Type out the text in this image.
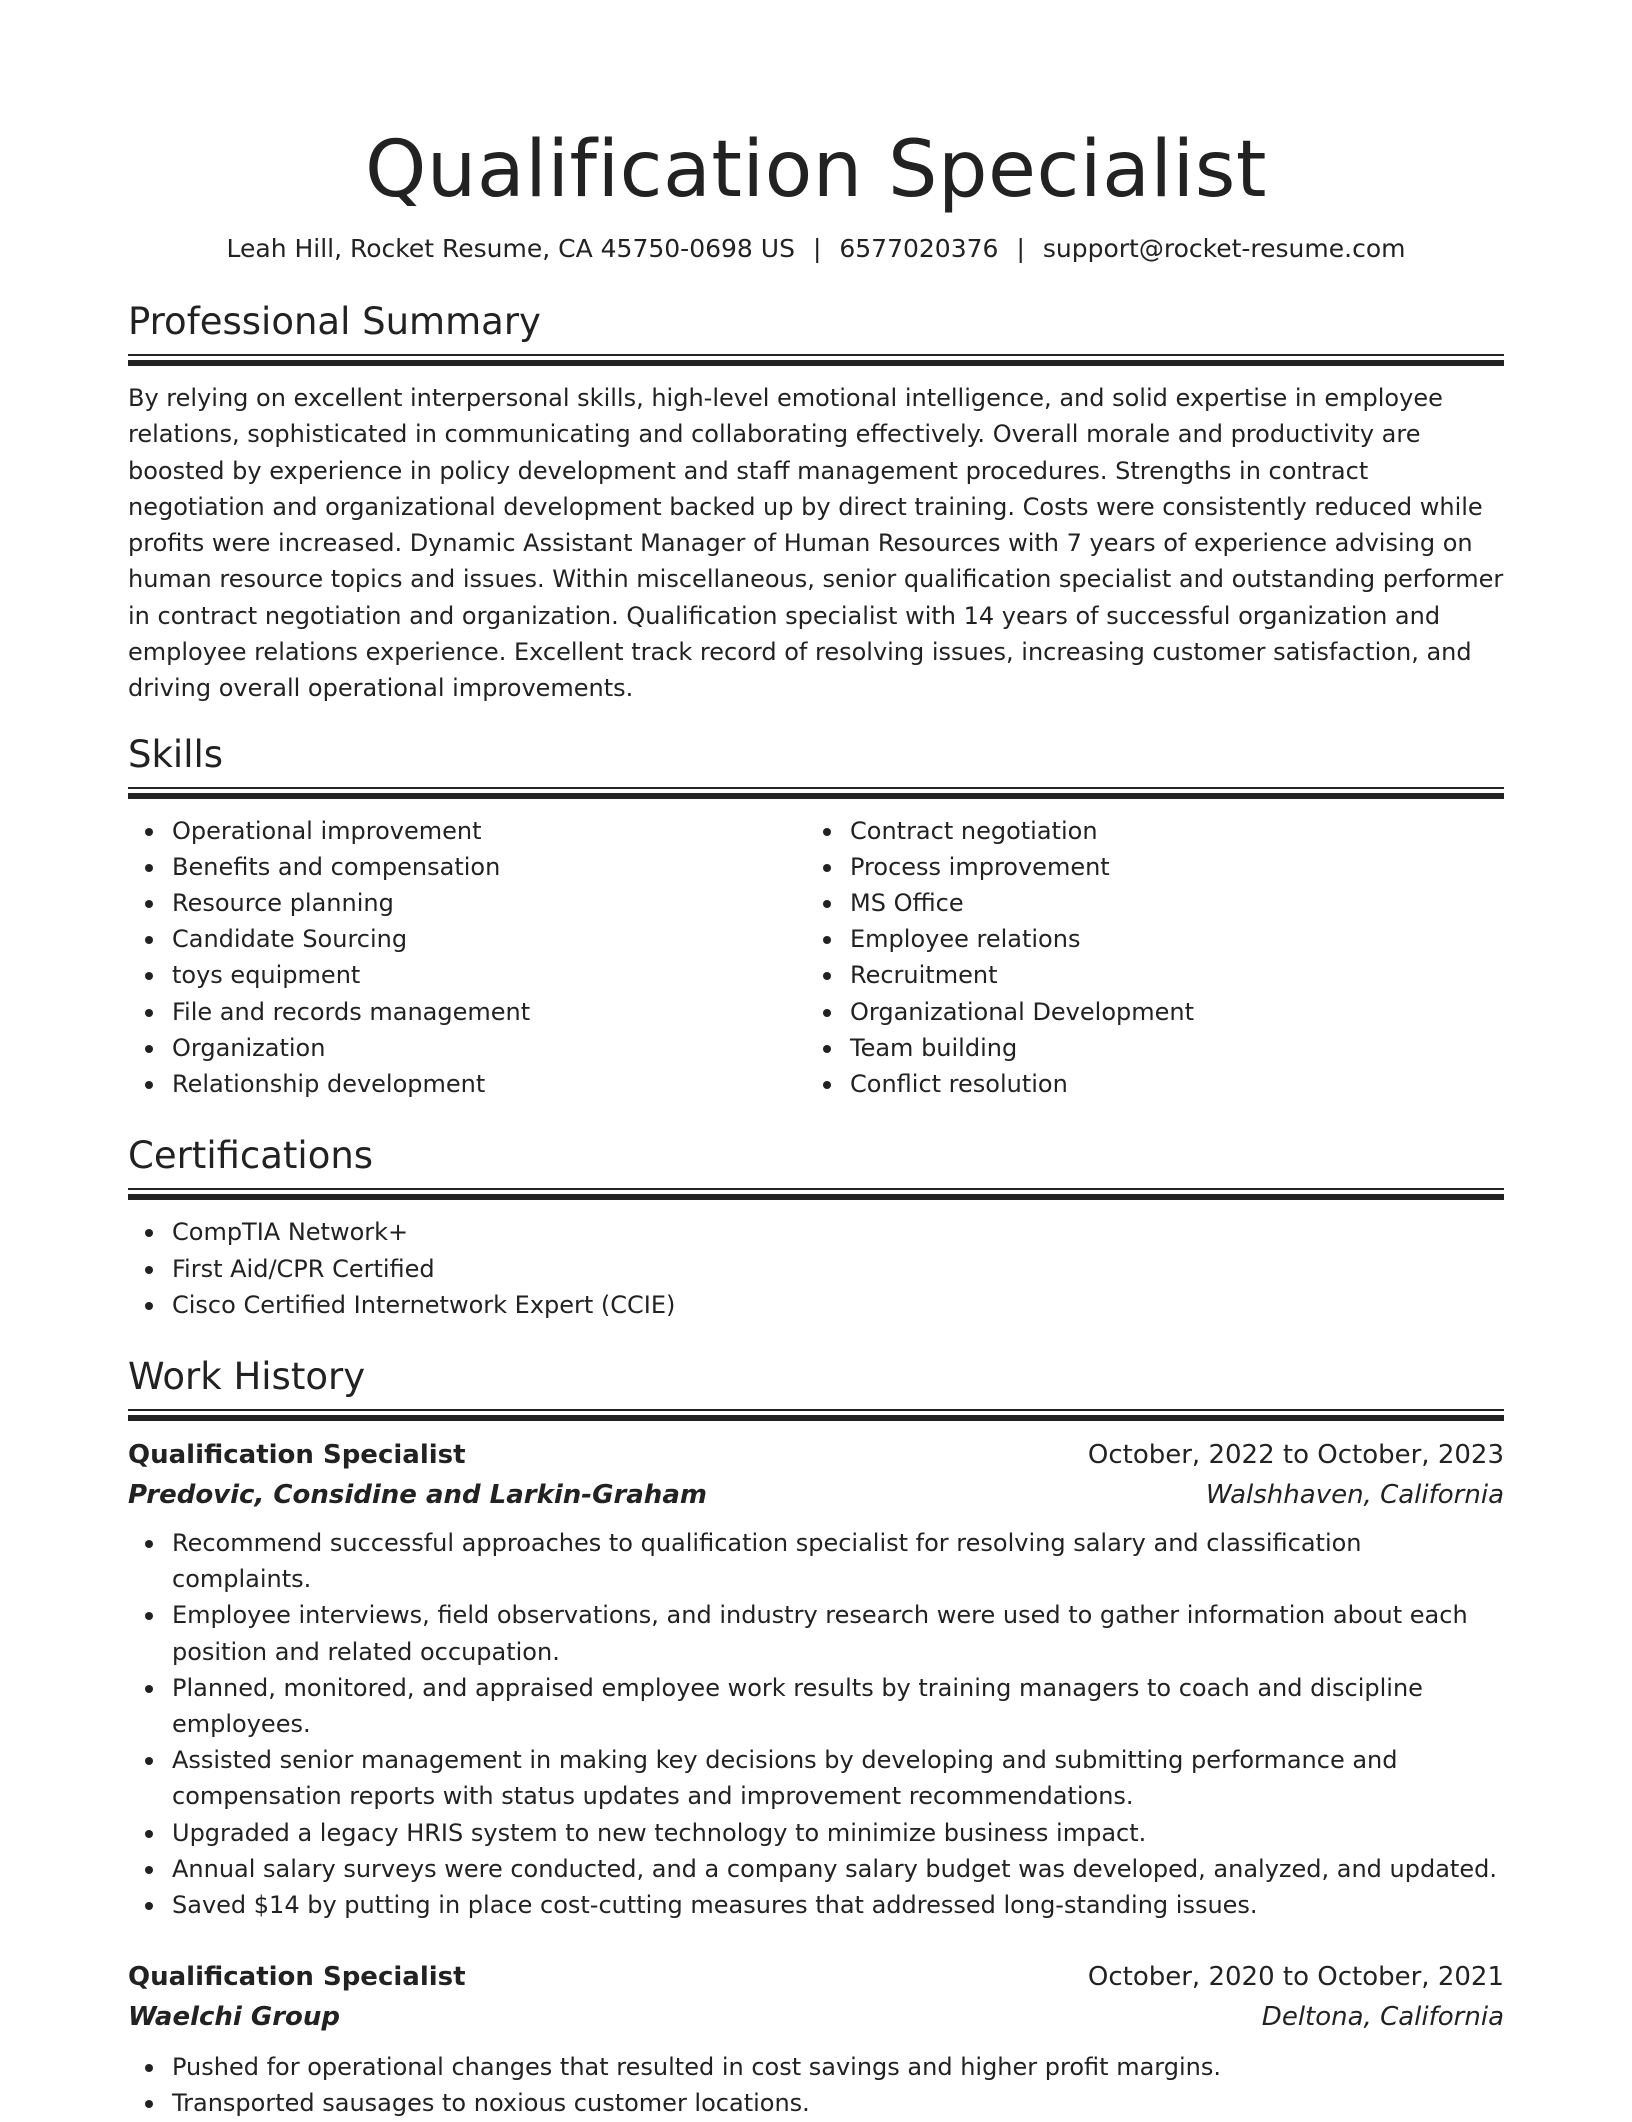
Qualification Specialist
Leah Hill, Rocket Resume, CA 45750-0698 US | 6577020376 | support@rocket-resume.com
Professional Summary

By relying on excellent interpersonal skills, high-level emotional intelligence, and solid expertise in employee relations, sophisticated in communicating and collaborating effectively. Overall morale and productivity are boosted by experience in policy development and staff management procedures. Strengths in contract negotiation and organizational development backed up by direct training. Costs were consistently reduced while profits were increased. Dynamic Assistant Manager of Human Resources with 7 years of experience advising on human resource topics and issues. Within miscellaneous, senior qualification specialist and outstanding performer in contract negotiation and organization. Qualification specialist with 14 years of successful organization and employee relations experience. Excellent track record of resolving issues, increasing customer satisfaction, and driving overall operational improvements.

Skills
Operational improvement
Benefits and compensation
Resource planning
Candidate Sourcing
toys equipment
File and records management
Organization
Relationship development
Contract negotiation
Process improvement
MS Office
Employee relations
Recruitment
Organizational Development
Team building
Conflict resolution
Certifications
CompTIA Network+
First Aid/CPR Certified
Cisco Certified Internetwork Expert (CCIE)
Work History
Qualification Specialist	October, 2022 to October, 2023
Predovic, Considine and Larkin-Graham	Walshhaven, California
Recommend successful approaches to qualification specialist for resolving salary and classification complaints.
Employee interviews, field observations, and industry research were used to gather information about each position and related occupation.
Planned, monitored, and appraised employee work results by training managers to coach and discipline employees.
Assisted senior management in making key decisions by developing and submitting performance and compensation reports with status updates and improvement recommendations.
Upgraded a legacy HRIS system to new technology to minimize business impact.
Annual salary surveys were conducted, and a company salary budget was developed, analyzed, and updated.
Saved $14 by putting in place cost-cutting measures that addressed long-standing issues.
Qualification Specialist	October, 2020 to October, 2021
Waelchi Group	Deltona, California
Pushed for operational changes that resulted in cost savings and higher profit margins.
Transported sausages to noxious customer locations.
